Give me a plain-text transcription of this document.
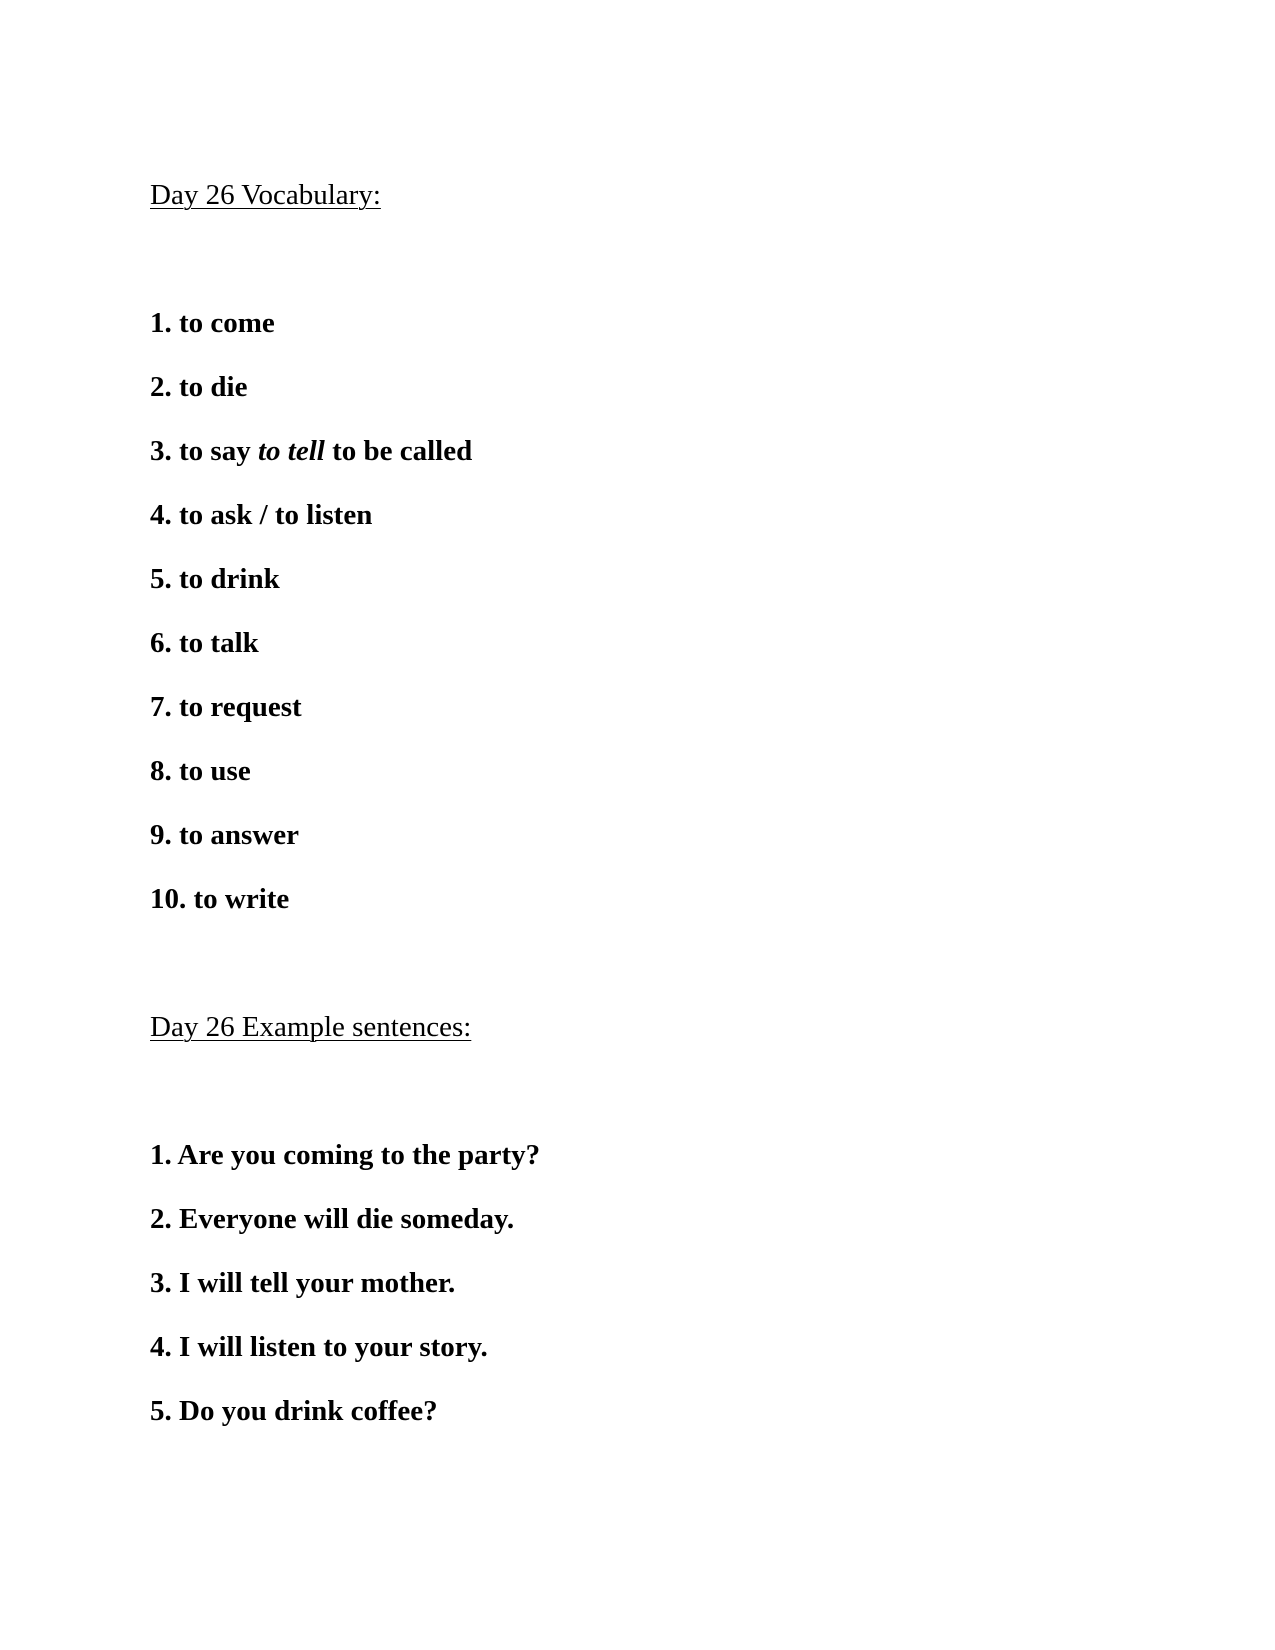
Day 26 Vocabulary:

1. to come

2. to die

3. to say to tell to be called

4. to ask / to listen

5. to drink

6. to talk

7. to request

8. to use

9. to answer

10. to write

Day 26 Example sentences:

1. Are you coming to the party?

2. Everyone will die someday.

3. I will tell your mother.

4. I will listen to your story.

5. Do you drink coffee?
